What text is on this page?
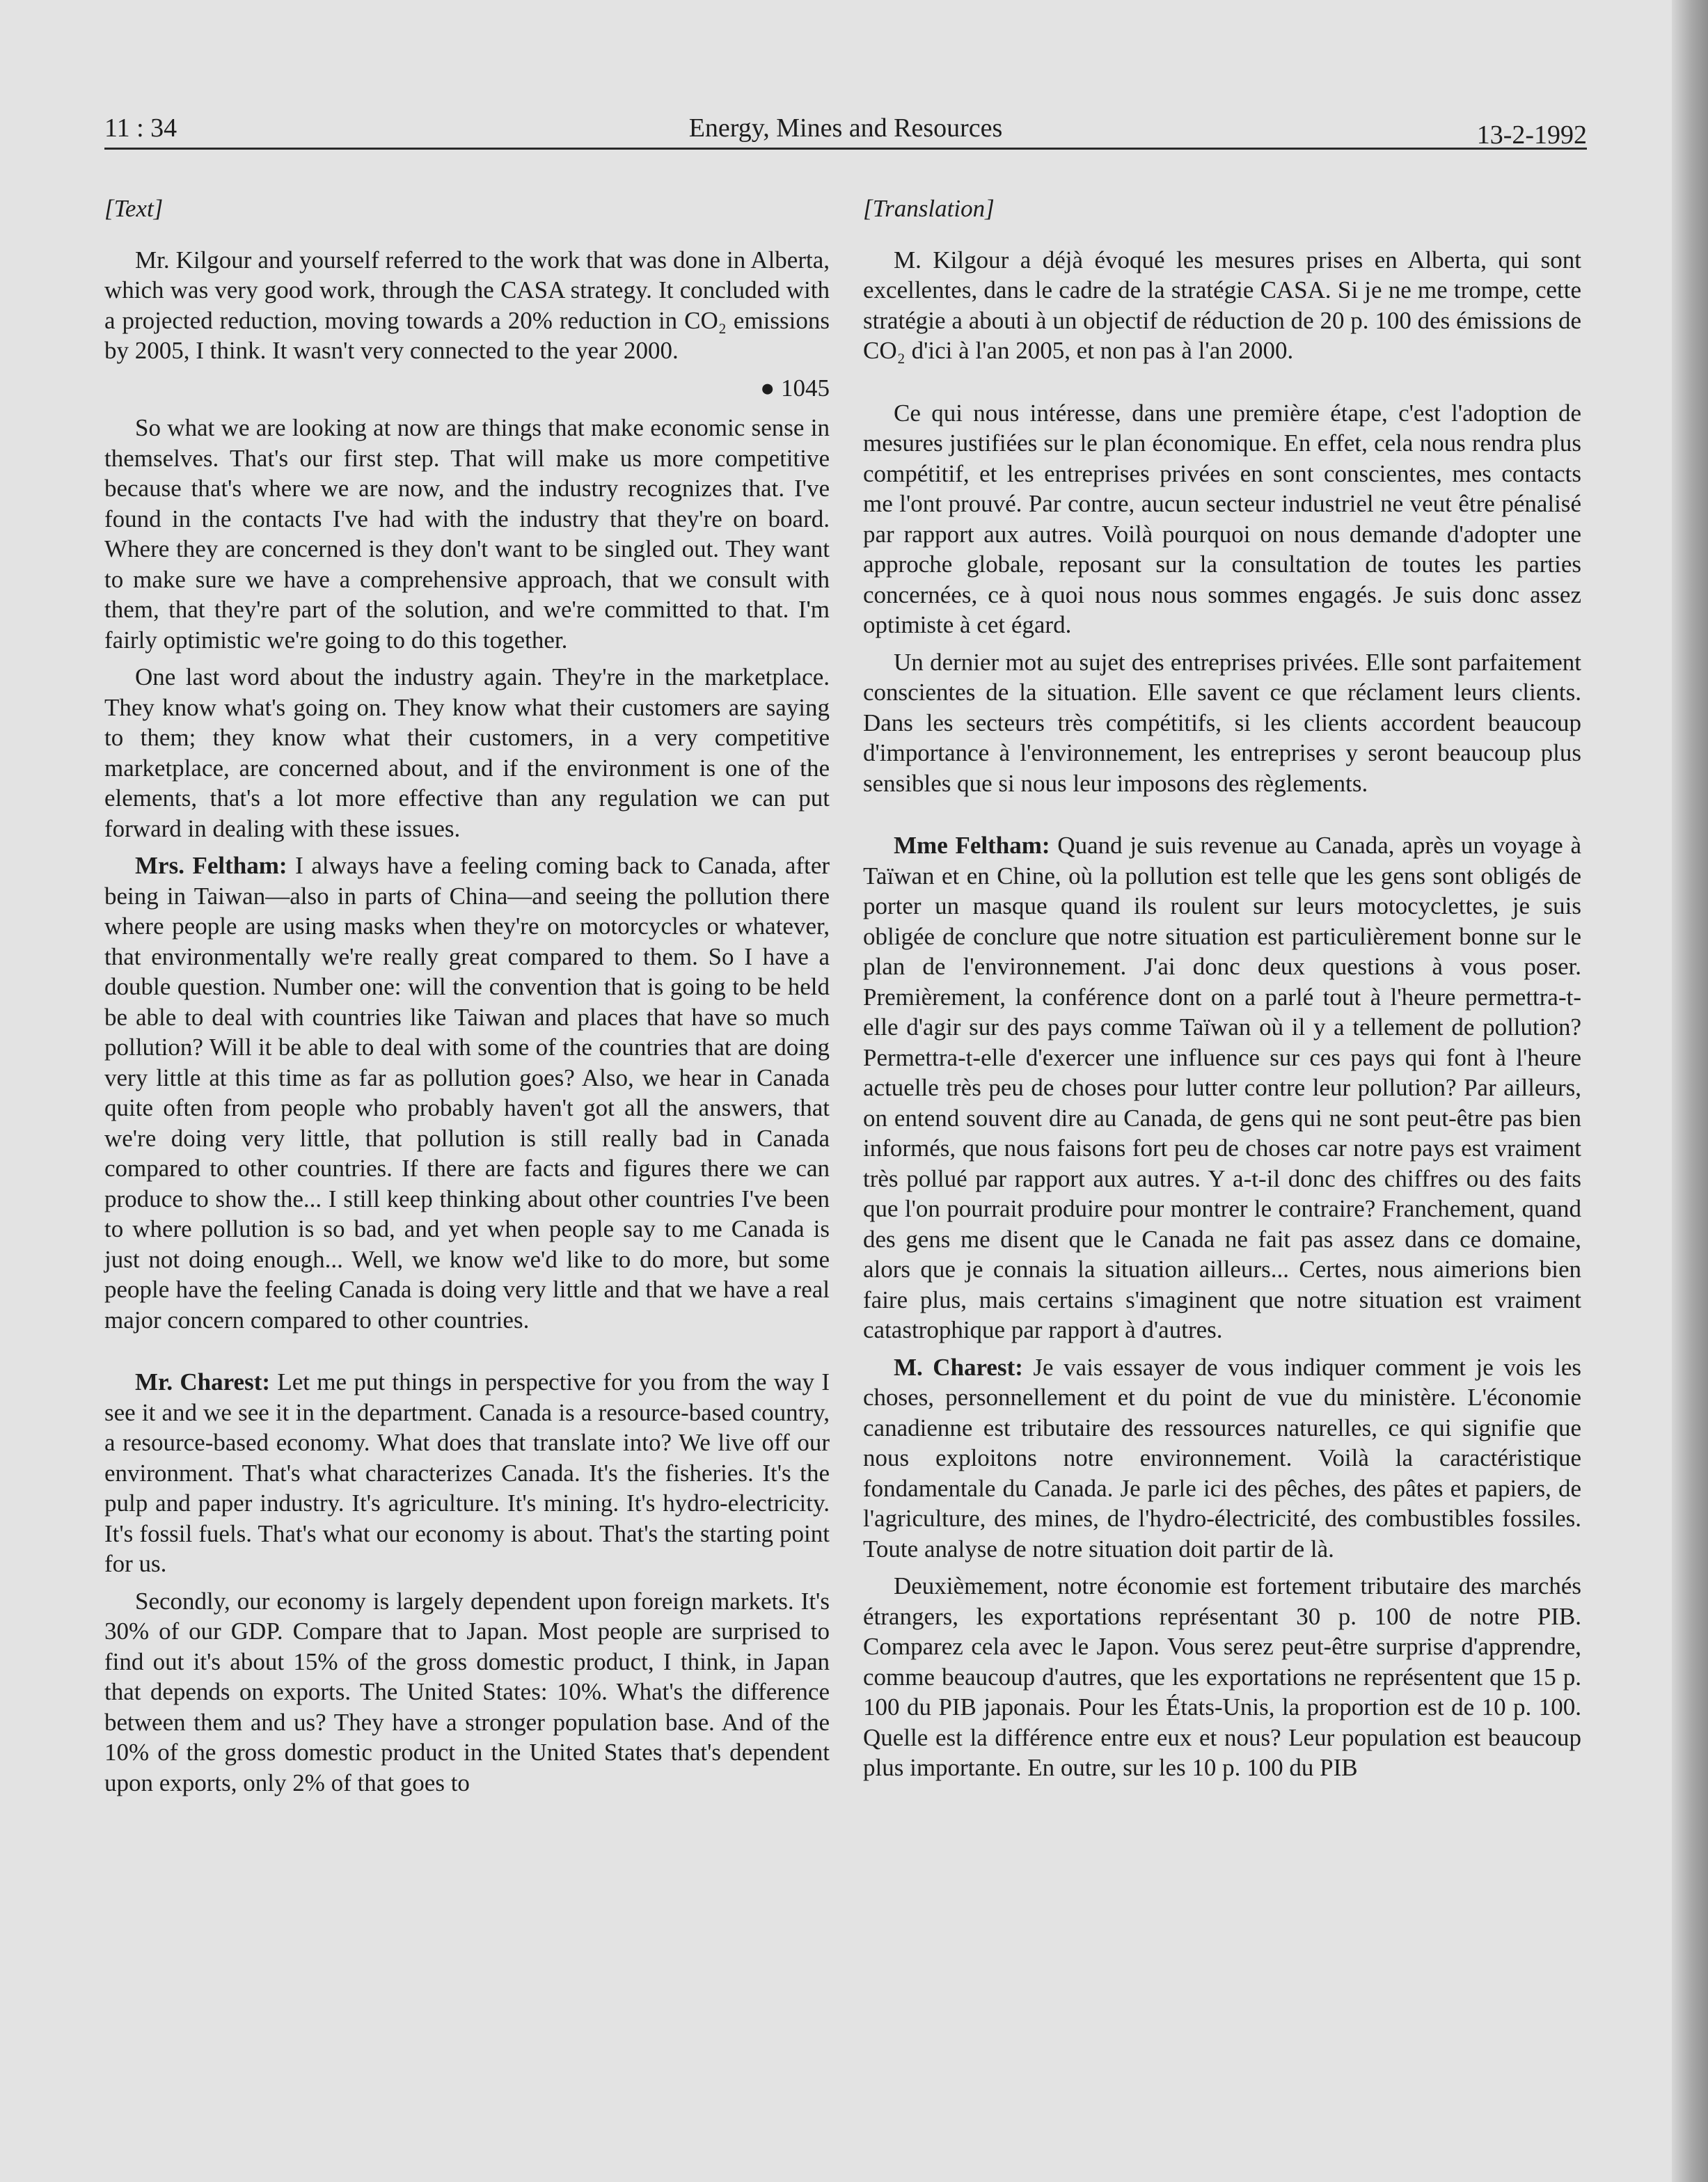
11 : 34	Energy, Mines and Resources	13-2-1992
[Text]

Mr. Kilgour and yourself referred to the work that was done in Alberta, which was very good work, through the CASA strategy. It concluded with a projected reduction, moving towards a 20% reduction in CO₂ emissions by 2005, I think. It wasn't very connected to the year 2000.

● 1045

So what we are looking at now are things that make economic sense in themselves. That's our first step. That will make us more competitive because that's where we are now, and the industry recognizes that. I've found in the contacts I've had with the industry that they're on board. Where they are concerned is they don't want to be singled out. They want to make sure we have a comprehensive approach, that we consult with them, that they're part of the solution, and we're committed to that. I'm fairly optimistic we're going to do this together.

One last word about the industry again. They're in the marketplace. They know what's going on. They know what their customers are saying to them; they know what their customers, in a very competitive marketplace, are concerned about, and if the environment is one of the elements, that's a lot more effective than any regulation we can put forward in dealing with these issues.

Mrs. Feltham: I always have a feeling coming back to Canada, after being in Taiwan—also in parts of China—and seeing the pollution there where people are using masks when they're on motorcycles or whatever, that environmentally we're really great compared to them. So I have a double question. Number one: will the convention that is going to be held be able to deal with countries like Taiwan and places that have so much pollution? Will it be able to deal with some of the countries that are doing very little at this time as far as pollution goes? Also, we hear in Canada quite often from people who probably haven't got all the answers, that we're doing very little, that pollution is still really bad in Canada compared to other countries. If there are facts and figures there we can produce to show the... I still keep thinking about other countries I've been to where pollution is so bad, and yet when people say to me Canada is just not doing enough... Well, we know we'd like to do more, but some people have the feeling Canada is doing very little and that we have a real major concern compared to other countries.

Mr. Charest: Let me put things in perspective for you from the way I see it and we see it in the department. Canada is a resource-based country, a resource-based economy. What does that translate into? We live off our environment. That's what characterizes Canada. It's the fisheries. It's the pulp and paper industry. It's agriculture. It's mining. It's hydro-electricity. It's fossil fuels. That's what our economy is about. That's the starting point for us.

Secondly, our economy is largely dependent upon foreign markets. It's 30% of our GDP. Compare that to Japan. Most people are surprised to find out it's about 15% of the gross domestic product, I think, in Japan that depends on exports. The United States: 10%. What's the difference between them and us? They have a stronger population base. And of the 10% of the gross domestic product in the United States that's dependent upon exports, only 2% of that goes to

[Translation]

M. Kilgour a déjà évoqué les mesures prises en Alberta, qui sont excellentes, dans le cadre de la stratégie CASA. Si je ne me trompe, cette stratégie a abouti à un objectif de réduction de 20 p. 100 des émissions de CO₂ d'ici à l'an 2005, et non pas à l'an 2000.

Ce qui nous intéresse, dans une première étape, c'est l'adoption de mesures justifiées sur le plan économique. En effet, cela nous rendra plus compétitif, et les entreprises privées en sont conscientes, mes contacts me l'ont prouvé. Par contre, aucun secteur industriel ne veut être pénalisé par rapport aux autres. Voilà pourquoi on nous demande d'adopter une approche globale, reposant sur la consultation de toutes les parties concernées, ce à quoi nous nous sommes engagés. Je suis donc assez optimiste à cet égard.

Un dernier mot au sujet des entreprises privées. Elle sont parfaitement conscientes de la situation. Elle savent ce que réclament leurs clients. Dans les secteurs très compétitifs, si les clients accordent beaucoup d'importance à l'environnement, les entreprises y seront beaucoup plus sensibles que si nous leur imposons des règlements.

Mme Feltham: Quand je suis revenue au Canada, après un voyage à Taïwan et en Chine, où la pollution est telle que les gens sont obligés de porter un masque quand ils roulent sur leurs motocyclettes, je suis obligée de conclure que notre situation est particulièrement bonne sur le plan de l'environnement. J'ai donc deux questions à vous poser. Premièrement, la conférence dont on a parlé tout à l'heure permettra-t-elle d'agir sur des pays comme Taïwan où il y a tellement de pollution? Permettra-t-elle d'exercer une influence sur ces pays qui font à l'heure actuelle très peu de choses pour lutter contre leur pollution? Par ailleurs, on entend souvent dire au Canada, de gens qui ne sont peut-être pas bien informés, que nous faisons fort peu de choses car notre pays est vraiment très pollué par rapport aux autres. Y a-t-il donc des chiffres ou des faits que l'on pourrait produire pour montrer le contraire? Franchement, quand des gens me disent que le Canada ne fait pas assez dans ce domaine, alors que je connais la situation ailleurs... Certes, nous aimerions bien faire plus, mais certains s'imaginent que notre situation est vraiment catastrophique par rapport à d'autres.

M. Charest: Je vais essayer de vous indiquer comment je vois les choses, personnellement et du point de vue du ministère. L'économie canadienne est tributaire des ressources naturelles, ce qui signifie que nous exploitons notre environnement. Voilà la caractéristique fondamentale du Canada. Je parle ici des pêches, des pâtes et papiers, de l'agriculture, des mines, de l'hydro-électricité, des combustibles fossiles. Toute analyse de notre situation doit partir de là.

Deuxièmement, notre économie est fortement tributaire des marchés étrangers, les exportations représentant 30 p. 100 de notre PIB. Comparez cela avec le Japon. Vous serez peut-être surprise d'apprendre, comme beaucoup d'autres, que les exportations ne représentent que 15 p. 100 du PIB japonais. Pour les États-Unis, la proportion est de 10 p. 100. Quelle est la différence entre eux et nous? Leur population est beaucoup plus importante. En outre, sur les 10 p. 100 du PIB
